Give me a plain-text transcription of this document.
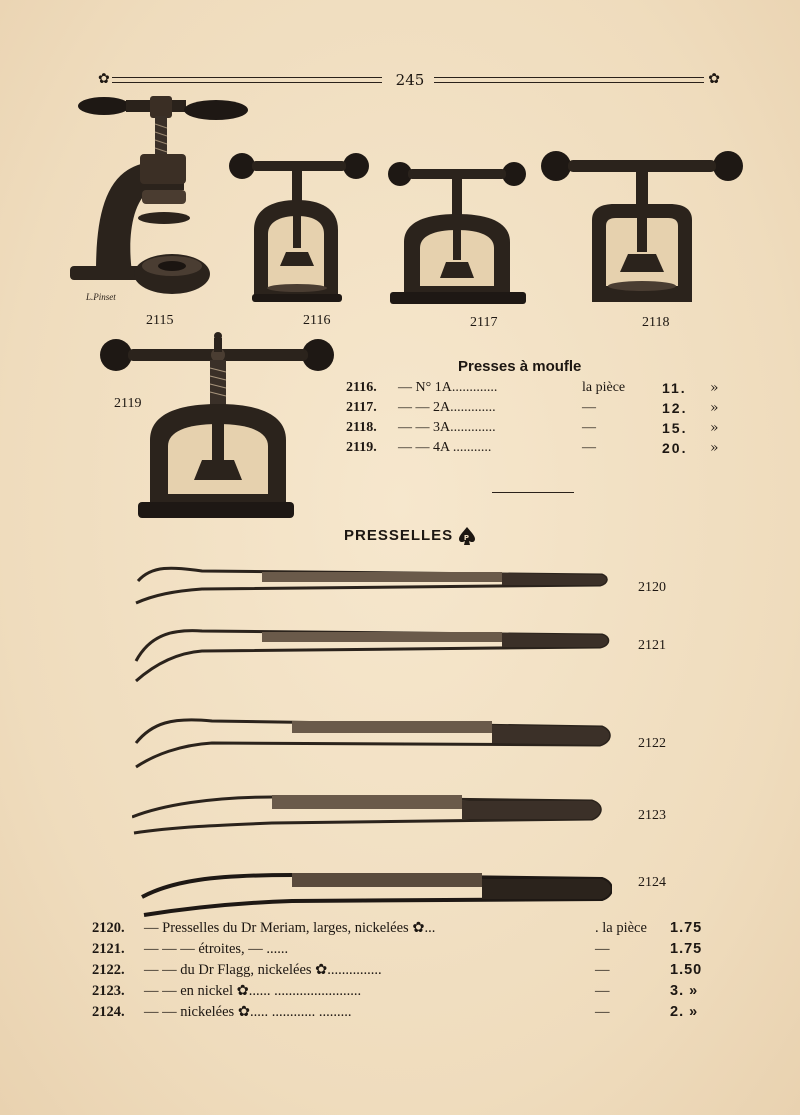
✿	245	✿
L.Pinset
2115	2116	2117	2118
2119
Presses à moufle
2116. — N° 1A.............	la pièce	11. »
2117. — — 2A.............	—	12. »
2118. — — 3A.............	—	15. »
2119. — — 4A ...........	—	20. »
PRESSELLES P
2120
2121
2122
2123
2124
2120. — Presselles du Dr Meriam, larges, nickelées ✿...	. la pièce 1.75
2121. — — — étroites, — ......	—	1.75
2122. — — du Dr Flagg, nickelées ✿...............	—	1.50
2123. — — en nickel ✿...... ........................	—	3. »
2124. — — nickelées ✿..... ............ .........	—	2. »
